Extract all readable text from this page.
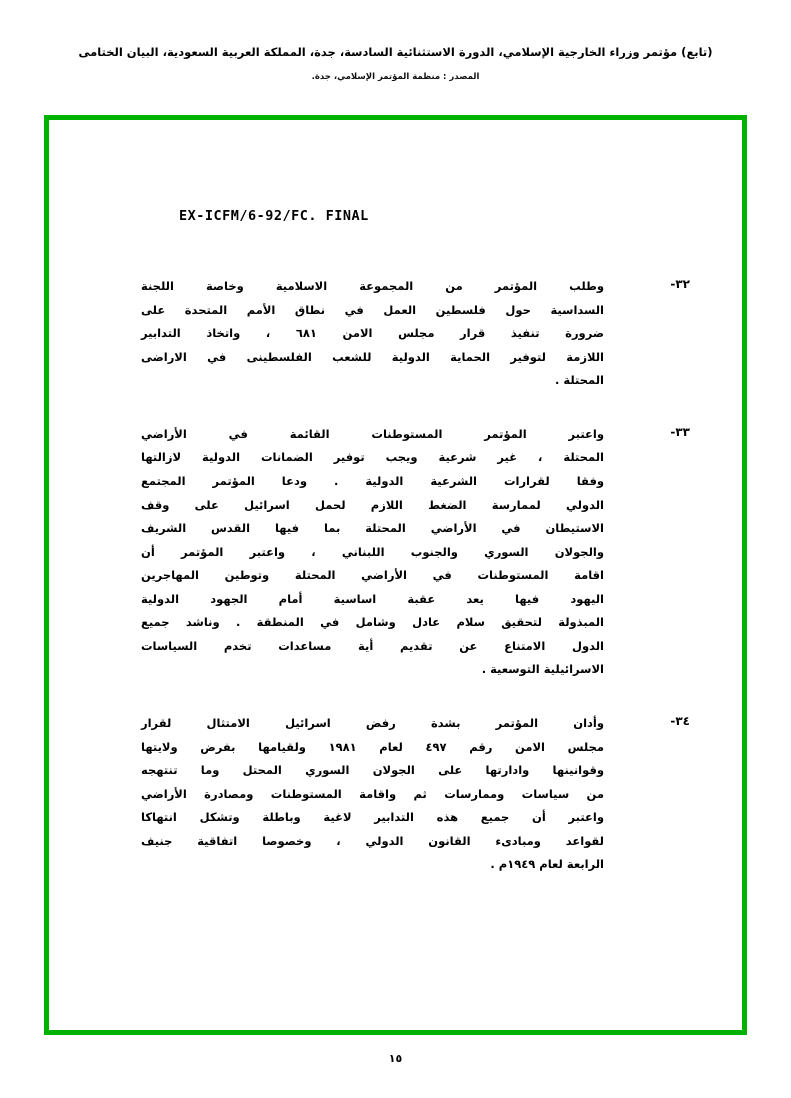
(تابع) مؤتمر وزراء الخارجية الإسلامي، الدورة الاستثنائية السادسة، جدة، المملكة العربية السعودية، البيان الختامى
المصدر : منظمة المؤتمر الإسلامي، جدة.
EX-ICFM/6-92/FC. FINAL
٣٢-
وطلب المؤتمر من المجموعة الاسلامية وخاصة اللجنة
السداسية حول فلسطين العمل في نطاق الأمم المتحدة على
ضرورة تنفيذ قرار مجلس الامن ٦٨١ ، واتخاذ التدابير
اللازمة لتوفير الحماية الدولية للشعب الفلسطينى في الاراضى
المحتلة .
٣٣-
واعتبر المؤتمر المستوطنات القائمة في الأراضي
المحتلة ، غير شرعية ويجب توفير الضمانات الدولية لازالتها
وفقا لقرارات الشرعية الدولية . ودعا المؤتمر المجتمع
الدولي لممارسة الضغط اللازم لحمل اسرائيل على وقف
الاستيطان في الأراضي المحتلة بما فيها القدس الشريف
والجولان السوري والجنوب اللبناني ، واعتبر المؤتمر أن
اقامة المستوطنات في الأراضي المحتلة وتوطين المهاجرين
اليهود فيها يعد عقبة اساسية أمام الجهود الدولية
المبذولة لتحقيق سلام عادل وشامل في المنطقة . وناشد جميع
الدول الامتناع عن تقديم أية مساعدات تخدم السياسات
الاسرائيلية التوسعية .
٣٤-
وأدان المؤتمر بشدة رفض اسرائيل الامتثال لقرار
مجلس الامن رقم ٤٩٧ لعام ١٩٨١ ولقيامها بفرض ولايتها
وقوانينها وادارتها على الجولان السوري المحتل وما تنتهجه
من سياسات وممارسات ثم واقامة المستوطنات ومصادرة الأراضي
واعتبر أن جميع هذه التدابير لاغية وباطلة وتشكل انتهاكا
لقواعد ومبادىء القانون الدولي ، وخصوصا اتفاقية جنيف
الرابعة لعام ١٩٤٩م .
١٥
